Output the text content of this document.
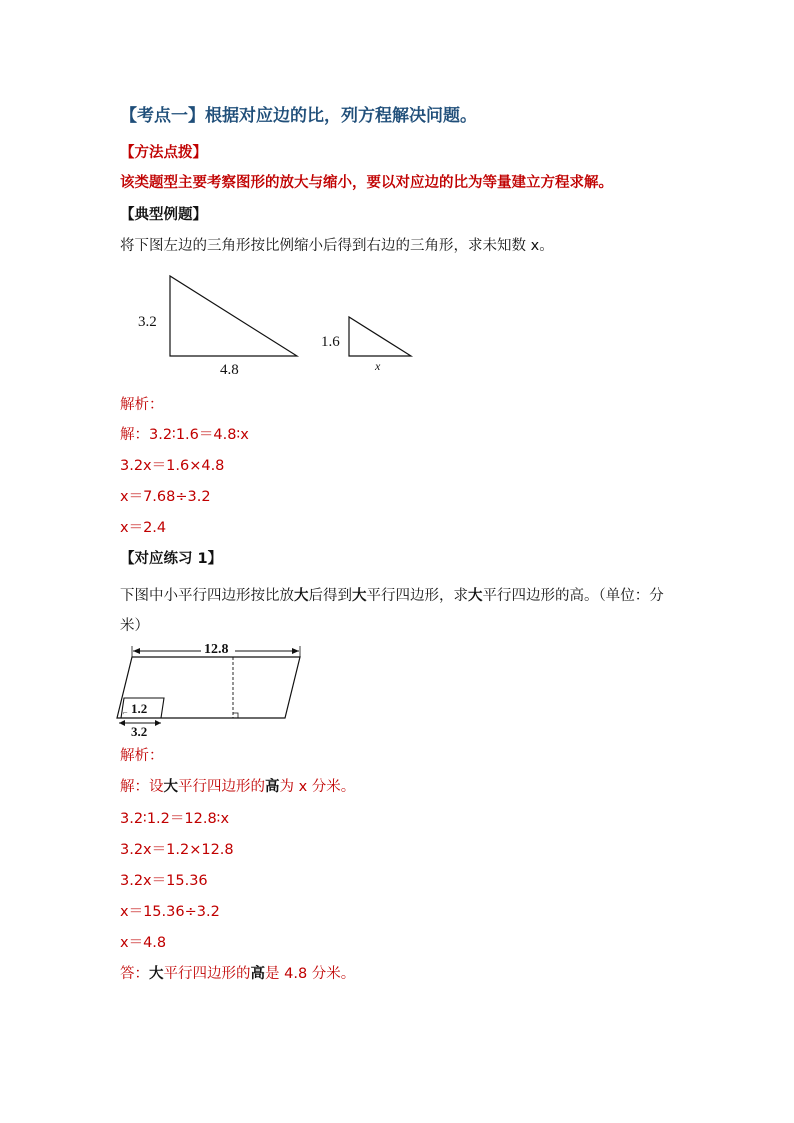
【考点一】根据对应边的比，列方程解决问题。
【方法点拨】
该类题型主要考察图形的放大与缩小，要以对应边的比为等量建立方程求解。
【典型例题】
将下图左边的三角形按比例缩小后得到右边的三角形，求未知数 x。
3.2
4.8
1.6
x
解析：
解：3.2∶1.6＝4.8∶x
3.2x＝1.6×4.8
x＝7.68÷3.2
x＝2.4
【对应练习 1】
下图中小平行四边形按比放大后得到大平行四边形，求大平行四边形的高。（单位：分米）
12.8
1.2
⌐
3.2
解析：
解：设大平行四边形的高为 x 分米。
3.2∶1.2＝12.8∶x
3.2x＝1.2×12.8
3.2x＝15.36
x＝15.36÷3.2
x＝4.8
答：大平行四边形的高是 4.8 分米。
